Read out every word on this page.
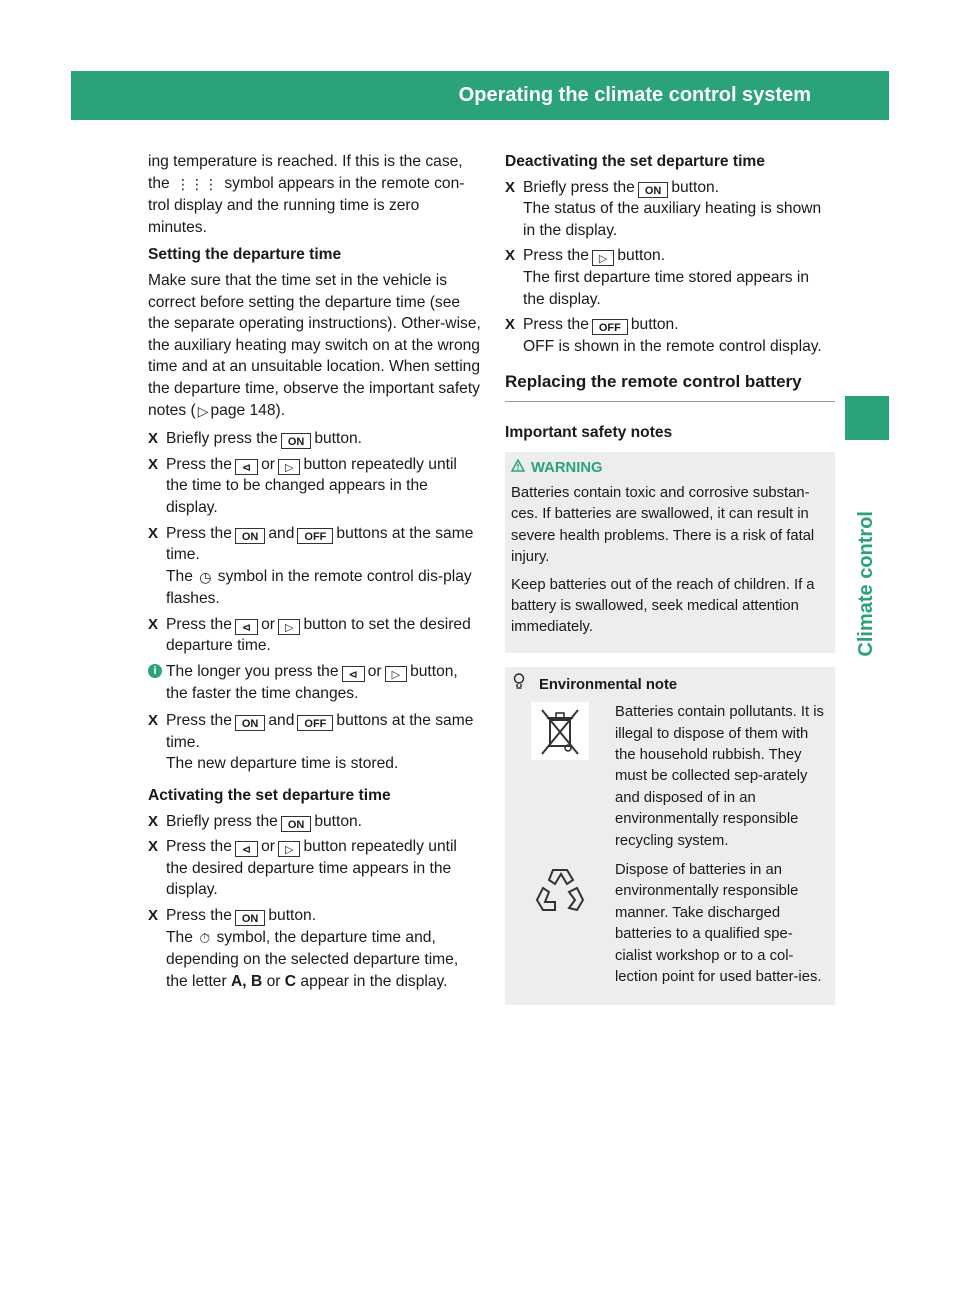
Operating the climate control system	151
Climate control

ing temperature is reached. If this is the case, the ⋮⋮⋮ symbol appears in the remote con-trol display and the running time is zero minutes.

Setting the departure time

Make sure that the time set in the vehicle is correct before setting the departure time (see the separate operating instructions). Other-wise, the auxiliary heating may switch on at the wrong time and at an unsuitable location. When setting the departure time, observe the important safety notes ( ▷ page 148).

X Briefly press the ON button.
X Press the ⊲ or ▷ button repeatedly until the time to be changed appears in the display.
X Press the ON and OFF buttons at the same time.
The ◷ symbol in the remote control dis-play flashes.
X Press the ⊲ or ▷ button to set the desired departure time.
i The longer you press the ⊲ or ▷ button, the faster the time changes.
X Press the ON and OFF buttons at the same time.
The new departure time is stored.

Activating the set departure time

X Briefly press the ON button.
X Press the ⊲ or ▷ button repeatedly until the desired departure time appears in the display.
X Press the ON button.
The ⏱ symbol, the departure time and, depending on the selected departure time, the letter A, B or C appear in the display.

Deactivating the set departure time

X Briefly press the ON button.
The status of the auxiliary heating is shown in the display.
X Press the ▷ button.
The first departure time stored appears in the display.
X Press the OFF button.
OFF is shown in the remote control display.

Replacing the remote control battery

Important safety notes

WARNING

Batteries contain toxic and corrosive substan-ces. If batteries are swallowed, it can result in severe health problems. There is a risk of fatal injury.

Keep batteries out of the reach of children. If a battery is swallowed, seek medical attention immediately.

Environmental note

Batteries contain pollutants. It is illegal to dispose of them with the household rubbish. They must be collected sep-arately and disposed of in an environmentally responsible recycling system.

Dispose of batteries in an environmentally responsible manner. Take discharged batteries to a qualified spe-cialist workshop or to a col-lection point for used batter-ies.
